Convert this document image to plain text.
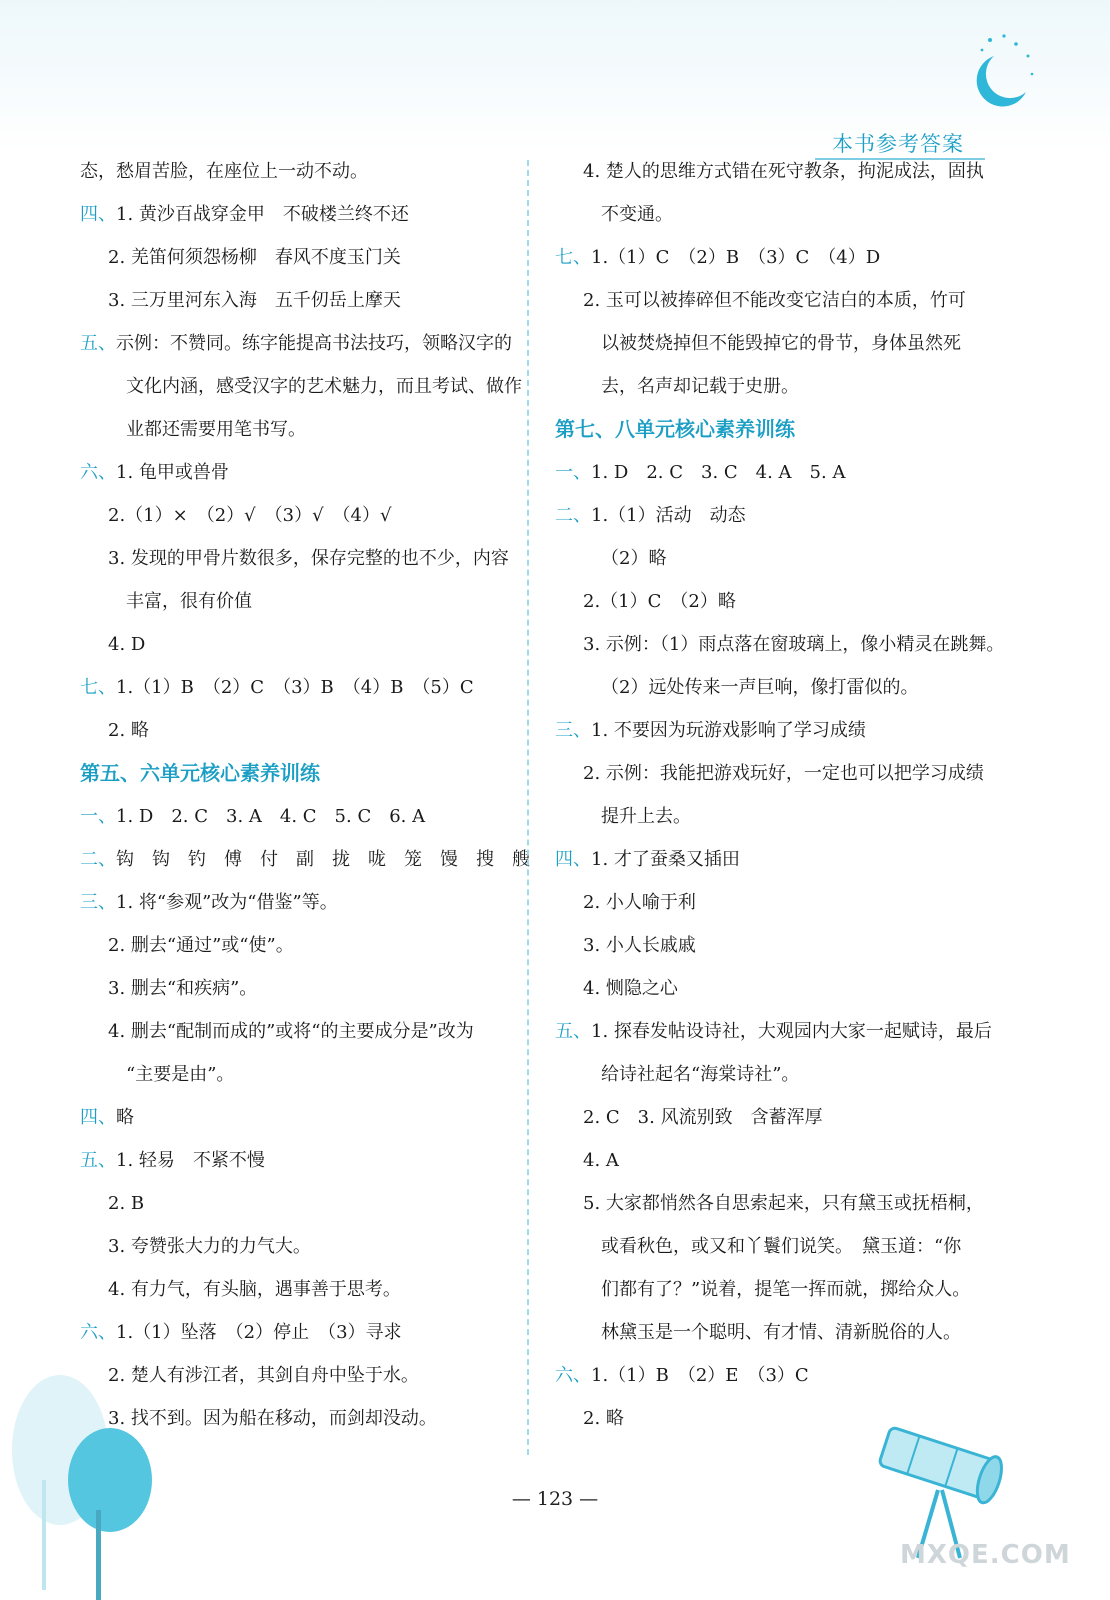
本书参考答案
态，愁眉苦脸，在座位上一动不动。
四、1. 黄沙百战穿金甲　不破楼兰终不还
2. 羌笛何须怨杨柳　春风不度玉门关
3. 三万里河东入海　五千仞岳上摩天
五、示例：不赞同。练字能提高书法技巧，领略汉字的
文化内涵，感受汉字的艺术魅力，而且考试、做作
业都还需要用笔书写。
六、1. 龟甲或兽骨
2.（1）×　（2）√　（3）√　（4）√
3. 发现的甲骨片数很多，保存完整的也不少，内容
丰富，很有价值
4. D
七、1.（1）B　（2）C　（3）B　（4）B　（5）C
2. 略
第五、六单元核心素养训练
一、1. D　2. C　3. A　4. C　5. C　6. A
二、钩　钩　钓　傅　付　副　拢　咙　笼　馒　搜　艘
三、1. 将“参观”改为“借鉴”等。
2. 删去“通过”或“使”。
3. 删去“和疾病”。
4. 删去“配制而成的”或将“的主要成分是”改为
“主要是由”。
四、略
五、1. 轻易　不紧不慢
2. B
3. 夸赞张大力的力气大。
4. 有力气，有头脑，遇事善于思考。
六、1.（1）坠落　（2）停止　（3）寻求
2. 楚人有涉江者，其剑自舟中坠于水。
3. 找不到。因为船在移动，而剑却没动。
4. 楚人的思维方式错在死守教条，拘泥成法，固执
不变通。
七、1.（1）C　（2）B　（3）C　（4）D
2. 玉可以被捧碎但不能改变它洁白的本质，竹可
以被焚烧掉但不能毁掉它的骨节，身体虽然死
去，名声却记载于史册。
第七、八单元核心素养训练
一、1. D　2. C　3. C　4. A　5. A
二、1.（1）活动　动态
（2）略
2.（1）C　（2）略
3. 示例：（1）雨点落在窗玻璃上，像小精灵在跳舞。
（2）远处传来一声巨响，像打雷似的。
三、1. 不要因为玩游戏影响了学习成绩
2. 示例：我能把游戏玩好，一定也可以把学习成绩
提升上去。
四、1. 才了蚕桑又插田
2. 小人喻于利
3. 小人长戚戚
4. 恻隐之心
五、1. 探春发帖设诗社，大观园内大家一起赋诗，最后
给诗社起名“海棠诗社”。
2. C　3. 风流别致　含蓄浑厚
4. A
5. 大家都悄然各自思索起来，只有黛玉或抚梧桐，
或看秋色，或又和丫鬟们说笑。　黛玉道：“你
们都有了？”说着，提笔一挥而就，掷给众人。
林黛玉是一个聪明、有才情、清新脱俗的人。
六、1.（1）B　（2）E　（3）C
2. 略
— 123 —
MXQE.COM
